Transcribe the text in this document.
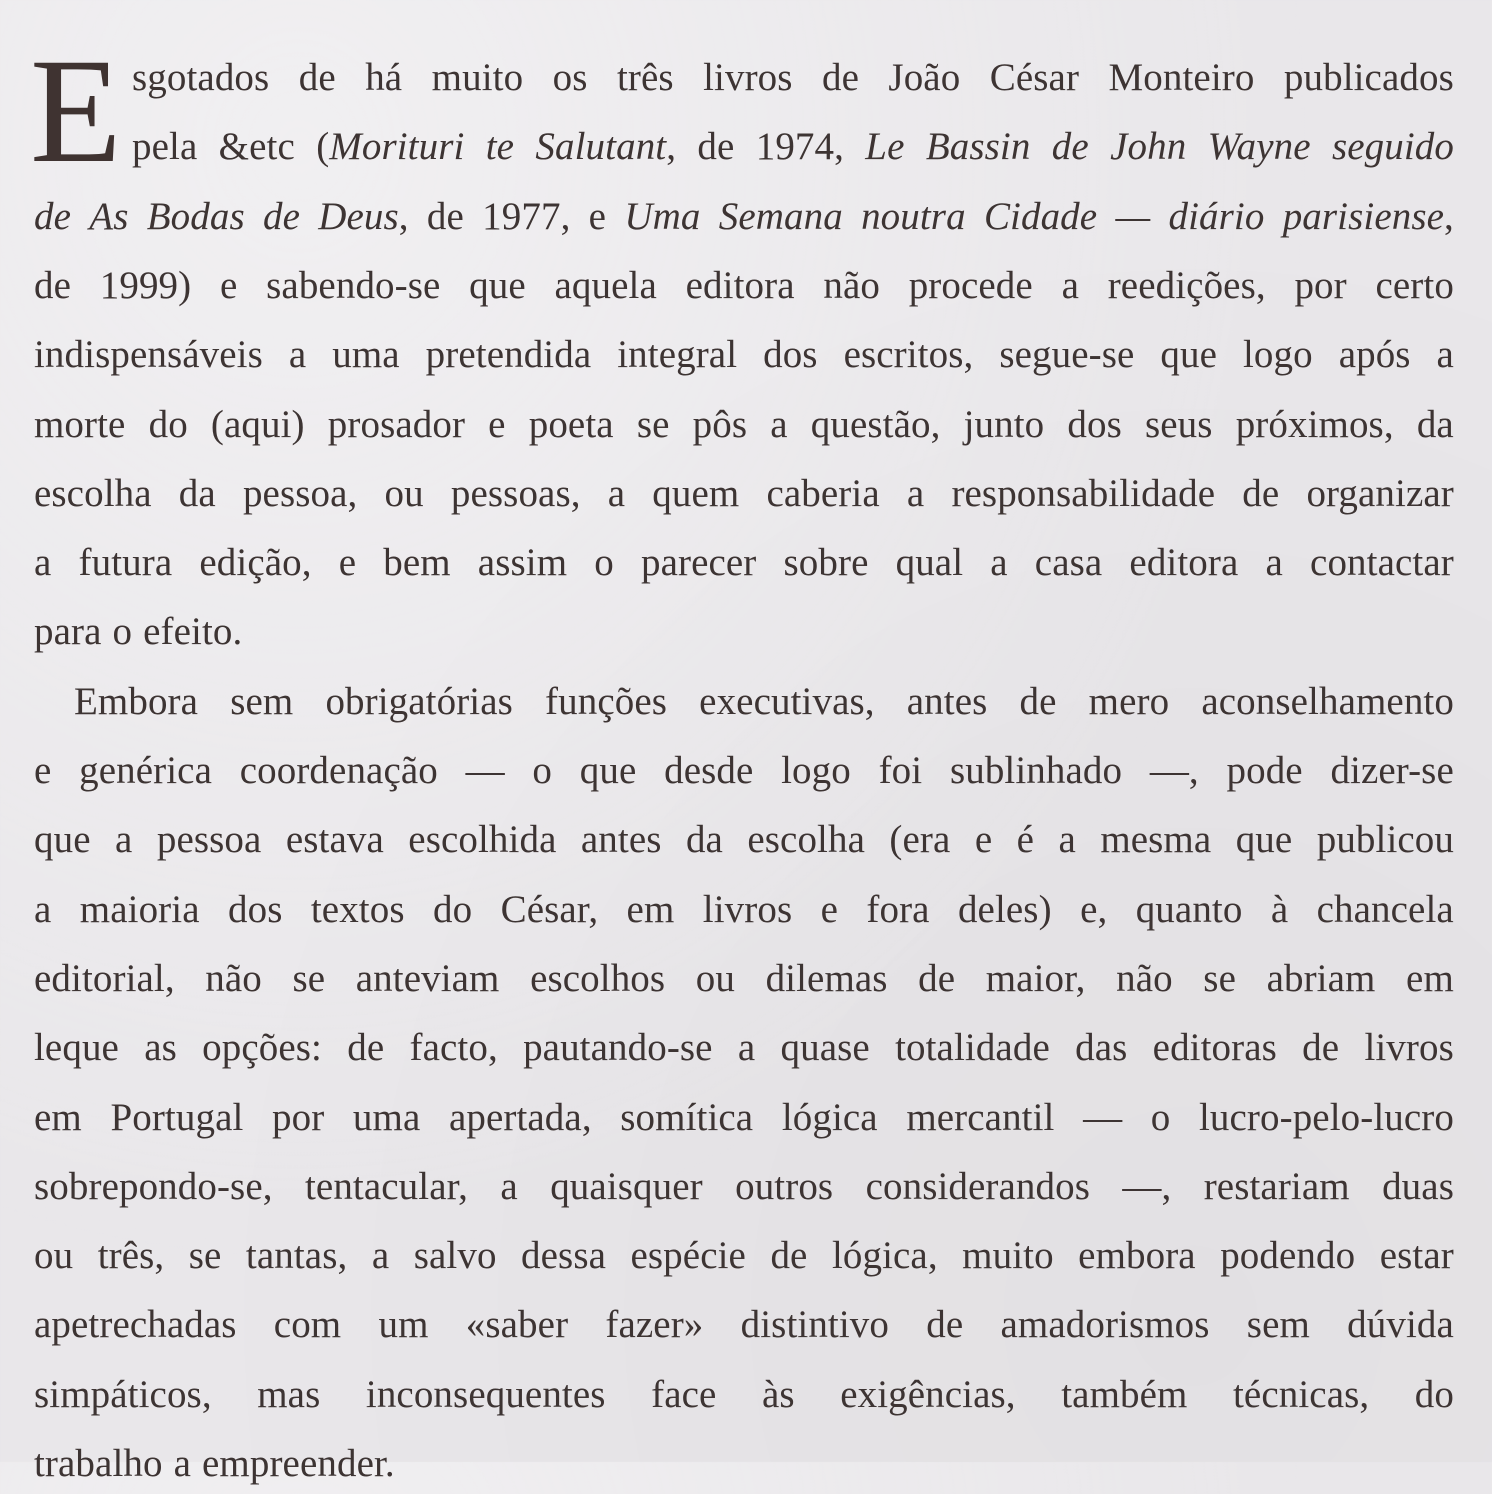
E sgotados de há muito os três livros de João César Monteiro publicados
pela &etc (Morituri te Salutant, de 1974, Le Bassin de John Wayne seguido
de As Bodas de Deus, de 1977, e Uma Semana noutra Cidade — diário parisiense,
de 1999) e sabendo-se que aquela editora não procede a reedições, por certo
indispensáveis a uma pretendida integral dos escritos, segue-se que logo após a
morte do (aqui) prosador e poeta se pôs a questão, junto dos seus próximos, da
escolha da pessoa, ou pessoas, a quem caberia a responsabilidade de organizar
a futura edição, e bem assim o parecer sobre qual a casa editora a contactar
para o efeito.
Embora sem obrigatórias funções executivas, antes de mero aconselhamento
e genérica coordenação — o que desde logo foi sublinhado —, pode dizer-se
que a pessoa estava escolhida antes da escolha (era e é a mesma que publicou
a maioria dos textos do César, em livros e fora deles) e, quanto à chancela
editorial, não se anteviam escolhos ou dilemas de maior, não se abriam em
leque as opções: de facto, pautando-se a quase totalidade das editoras de livros
em Portugal por uma apertada, somítica lógica mercantil — o lucro-pelo-lucro
sobrepondo-se, tentacular, a quaisquer outros considerandos —, restariam duas
ou três, se tantas, a salvo dessa espécie de lógica, muito embora podendo estar
apetrechadas com um «saber fazer» distintivo de amadorismos sem dúvida
simpáticos, mas inconsequentes face às exigências, também técnicas, do
trabalho a empreender.
